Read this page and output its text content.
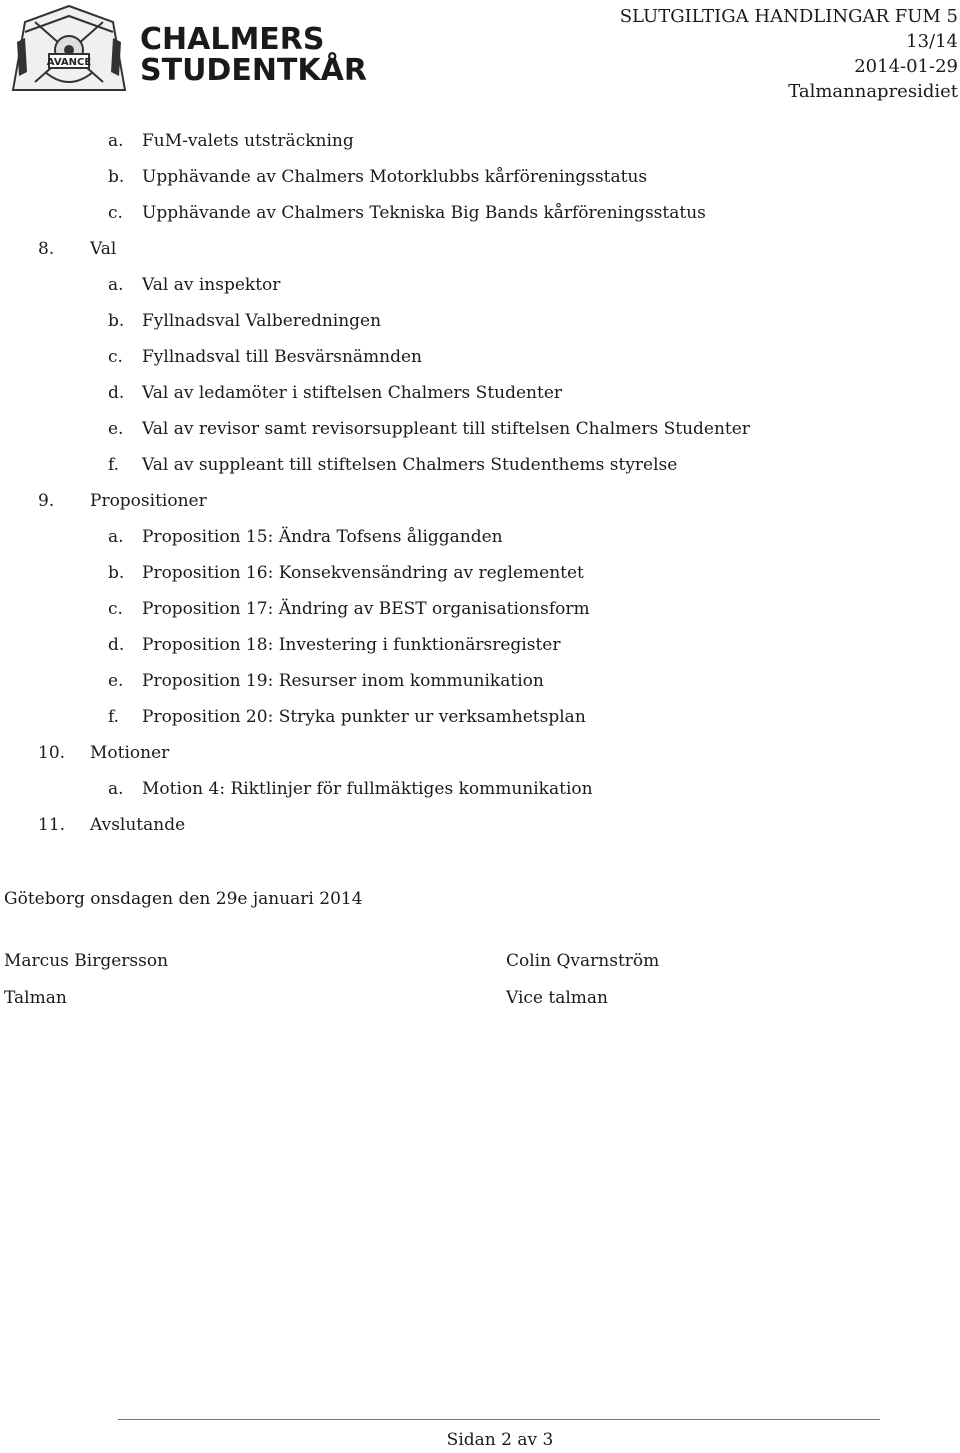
AVANCE
CHALMERS
STUDENTKÅR
SLUTGILTIGA HANDLINGAR FUM 5
13/14
2014-01-29
Talmannapresidiet
a. FuM-valets utsträckning
b. Upphävande av Chalmers Motorklubbs kårföreningsstatus
c. Upphävande av Chalmers Tekniska Big Bands kårföreningsstatus
8. Val
a. Val av inspektor
b. Fyllnadsval Valberedningen
c. Fyllnadsval till Besvärsnämnden
d. Val av ledamöter i stiftelsen Chalmers Studenter
e. Val av revisor samt revisorsuppleant till stiftelsen Chalmers Studenter
f. Val av suppleant till stiftelsen Chalmers Studenthems styrelse
9. Propositioner
a. Proposition 15: Ändra Tofsens åligganden
b. Proposition 16: Konsekvensändring av reglementet
c. Proposition 17: Ändring av BEST organisationsform
d. Proposition 18: Investering i funktionärsregister
e. Proposition 19: Resurser inom kommunikation
f. Proposition 20: Stryka punkter ur verksamhetsplan
10. Motioner
a. Motion 4: Riktlinjer för fullmäktiges kommunikation
11. Avslutande
Göteborg onsdagen den 29e januari 2014
Marcus Birgersson
Talman
Colin Qvarnström
Vice talman
Sidan 2 av 3
